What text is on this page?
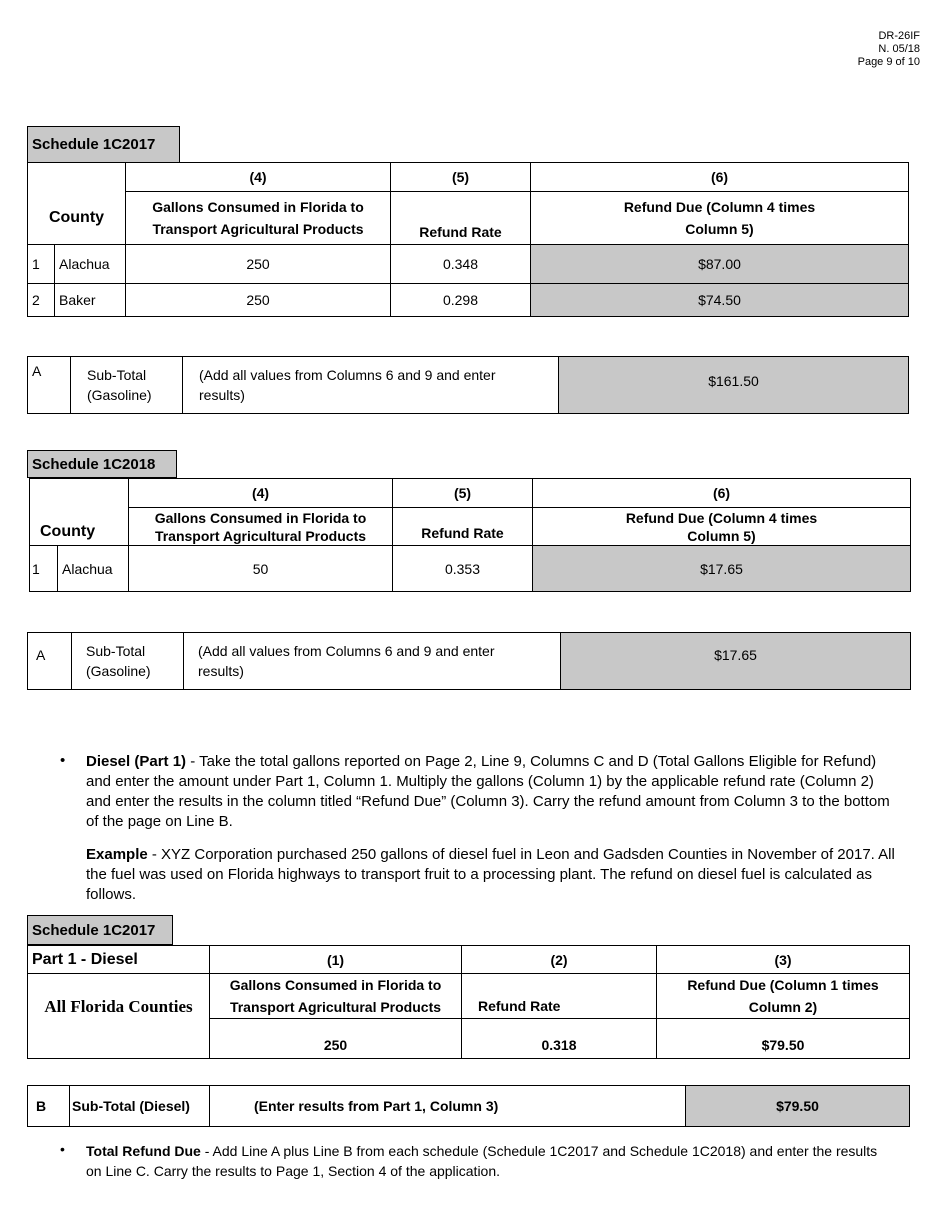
DR-26IF
N. 05/18
Page 9 of 10
Schedule 1C2017
		(4)	(5)	(6)
County		Gallons Consumed in Florida to Transport Agricultural Products	Refund Rate	Refund Due (Column 4 times Column 5)
1	Alachua	250	0.348	$87.00
2	Baker	250	0.298	$74.50
A	Sub-Total (Gasoline)	(Add all values from Columns 6 and 9 and enter results)	$161.50
Schedule 1C2018
		(4)	(5)	(6)
County		Gallons Consumed in Florida to Transport Agricultural Products	Refund Rate	Refund Due (Column 4 times Column 5)
1	Alachua	50	0.353	$17.65
A	Sub-Total (Gasoline)	(Add all values from Columns 6 and 9 and enter results)	$17.65
• Diesel (Part 1) - Take the total gallons reported on Page 2, Line 9, Columns C and D (Total Gallons Eligible for Refund) and enter the amount under Part 1, Column 1. Multiply the gallons (Column 1) by the applicable refund rate (Column 2) and enter the results in the column titled “Refund Due” (Column 3). Carry the refund amount from Column 3 to the bottom of the page on Line B.
Example - XYZ Corporation purchased 250 gallons of diesel fuel in Leon and Gadsden Counties in November of 2017. All the fuel was used on Florida highways to transport fruit to a processing plant. The refund on diesel fuel is calculated as follows.
Schedule 1C2017
Part 1 - Diesel	(1)	(2)	(3)
All Florida Counties	Gallons Consumed in Florida to Transport Agricultural Products	Refund Rate	Refund Due (Column 1 times Column 2)
	250	0.318	$79.50
B	Sub-Total (Diesel)	(Enter results from Part 1, Column 3)	$79.50
• Total Refund Due - Add Line A plus Line B from each schedule (Schedule 1C2017 and Schedule 1C2018) and enter the results on Line C. Carry the results to Page 1, Section 4 of the application.
